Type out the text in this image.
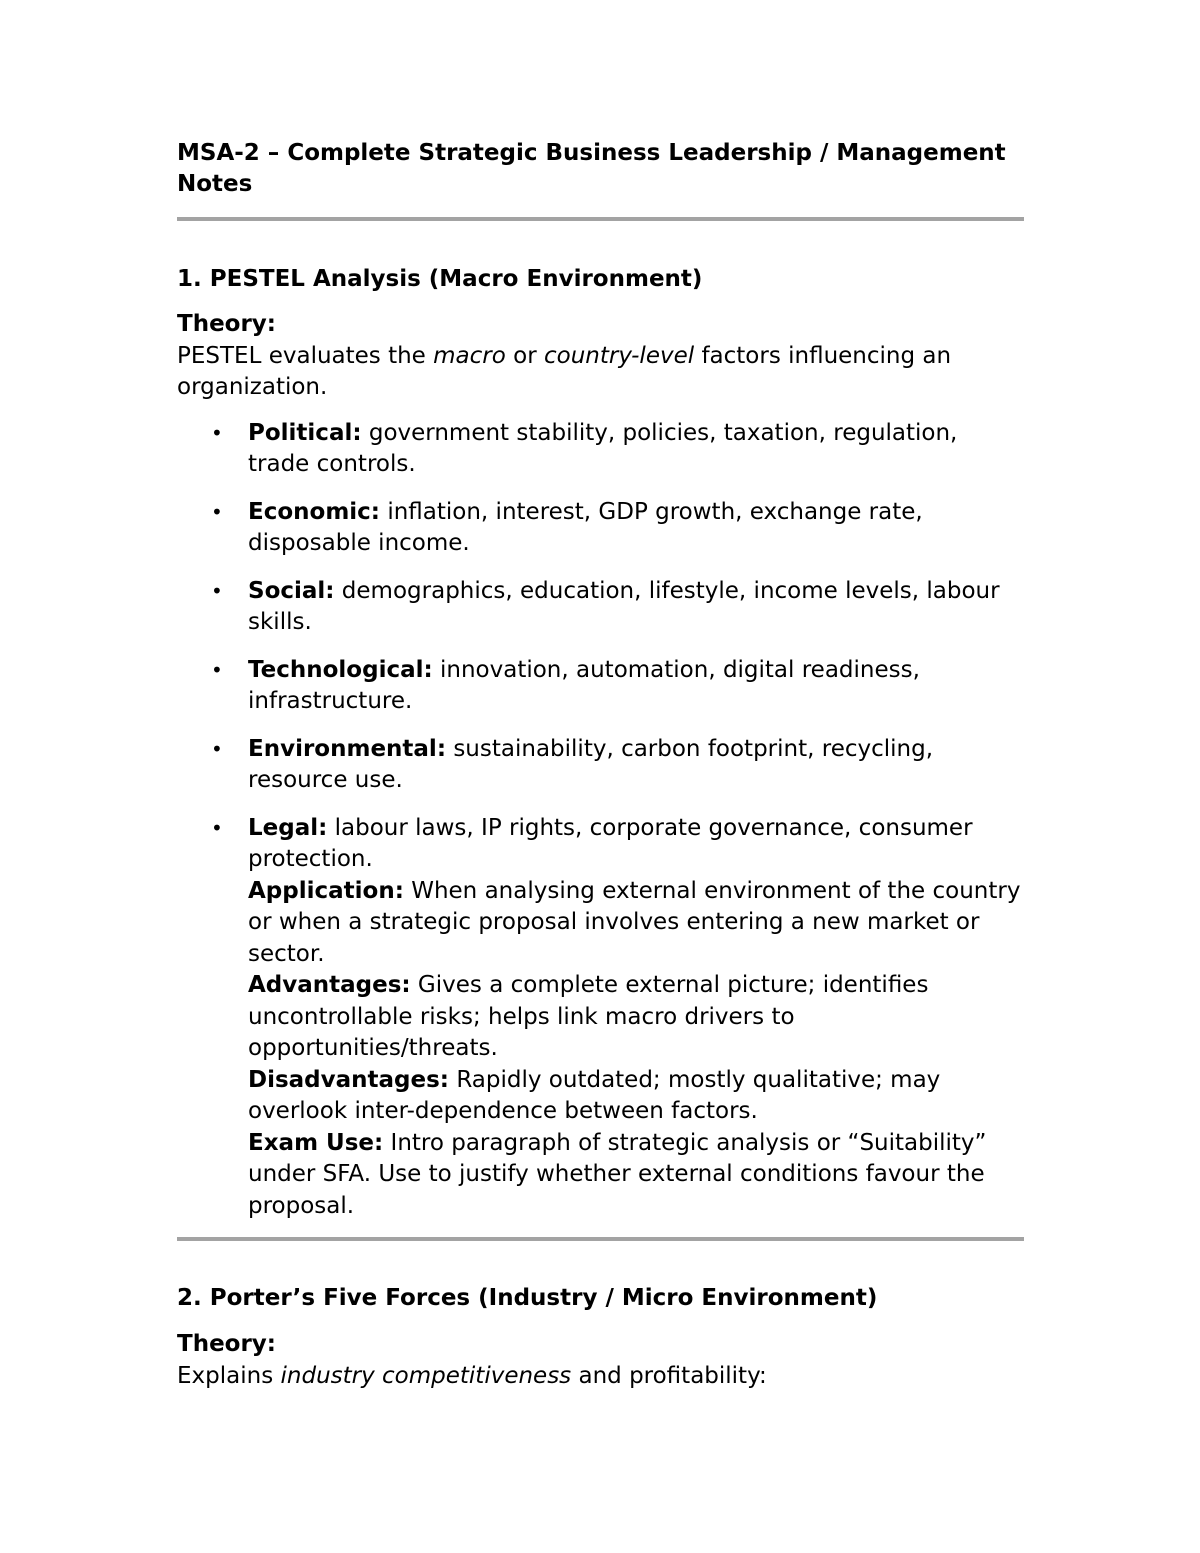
MSA-2 – Complete Strategic Business Leadership / Management Notes
1. PESTEL Analysis (Macro Environment)

Theory:

PESTEL evaluates the macro or country-level factors influencing an organization.

• Political: government stability, policies, taxation, regulation, trade controls.
• Economic: inflation, interest, GDP growth, exchange rate, disposable income.
• Social: demographics, education, lifestyle, income levels, labour skills.
• Technological: innovation, automation, digital readiness, infrastructure.
• Environmental: sustainability, carbon footprint, recycling, resource use.
• Legal: labour laws, IP rights, corporate governance, consumer protection.
Application: When analysing external environment of the country or when a strategic proposal involves entering a new market or sector.
Advantages: Gives a complete external picture; identifies uncontrollable risks; helps link macro drivers to opportunities/threats.
Disadvantages: Rapidly outdated; mostly qualitative; may overlook inter-dependence between factors.
Exam Use: Intro paragraph of strategic analysis or “Suitability” under SFA. Use to justify whether external conditions favour the proposal.
2. Porter’s Five Forces (Industry / Micro Environment)

Theory:

Explains industry competitiveness and profitability:
